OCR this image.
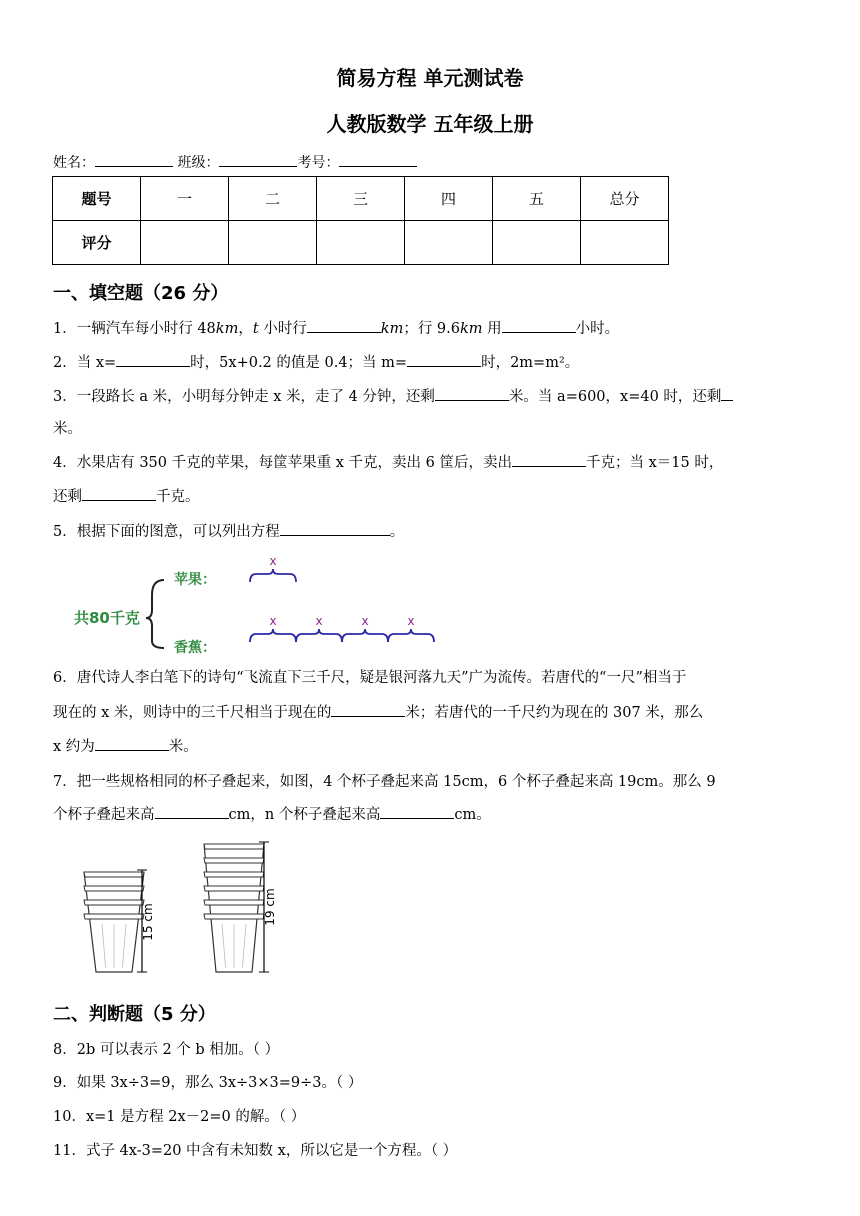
简易方程 单元测试卷
人教版数学 五年级上册
姓名：	班级：	考号：
题号	一	二	三	四	五	总分
评分						
一、填空题（26 分）
1．一辆汽车每小时行 48km，t 小时行	km；行 9.6km 用	小时。
2．当 x=	时，5x+0.2 的值是 0.4；当 m=	时，2m=m²。
3．一段路长 a 米，小明每分钟走 x 米，走了 4 分钟，还剩	米。当 a=600，x=40 时，还剩
米。
4．水果店有 350 千克的苹果，每筐苹果重 x 千克，卖出 6 筐后，卖出	千克；当 x＝15 时，
还剩	千克。
5．根据下面的图意，可以列出方程	。
共80千克
苹果：
香蕉：
x
x	x	x	x
6．唐代诗人李白笔下的诗句“飞流直下三千尺，疑是银河落九天”广为流传。若唐代的“一尺”相当于
现在的 x 米，则诗中的三千尺相当于现在的	米；若唐代的一千尺约为现在的 307 米，那么
x 约为	米。
7．把一些规格相同的杯子叠起来，如图，4 个杯子叠起来高 15cm，6 个杯子叠起来高 19cm。那么 9
个杯子叠起来高	cm，n 个杯子叠起来高	cm。
15 cm	19 cm
二、判断题（5 分）
8．2b 可以表示 2 个 b 相加。（ ）
9．如果 3x÷3=9，那么 3x÷3×3=9÷3。（ ）
10．x=1 是方程 2x－2=0 的解。（ ）
11．式子 4x-3=20 中含有未知数 x，所以它是一个方程。（ ）
